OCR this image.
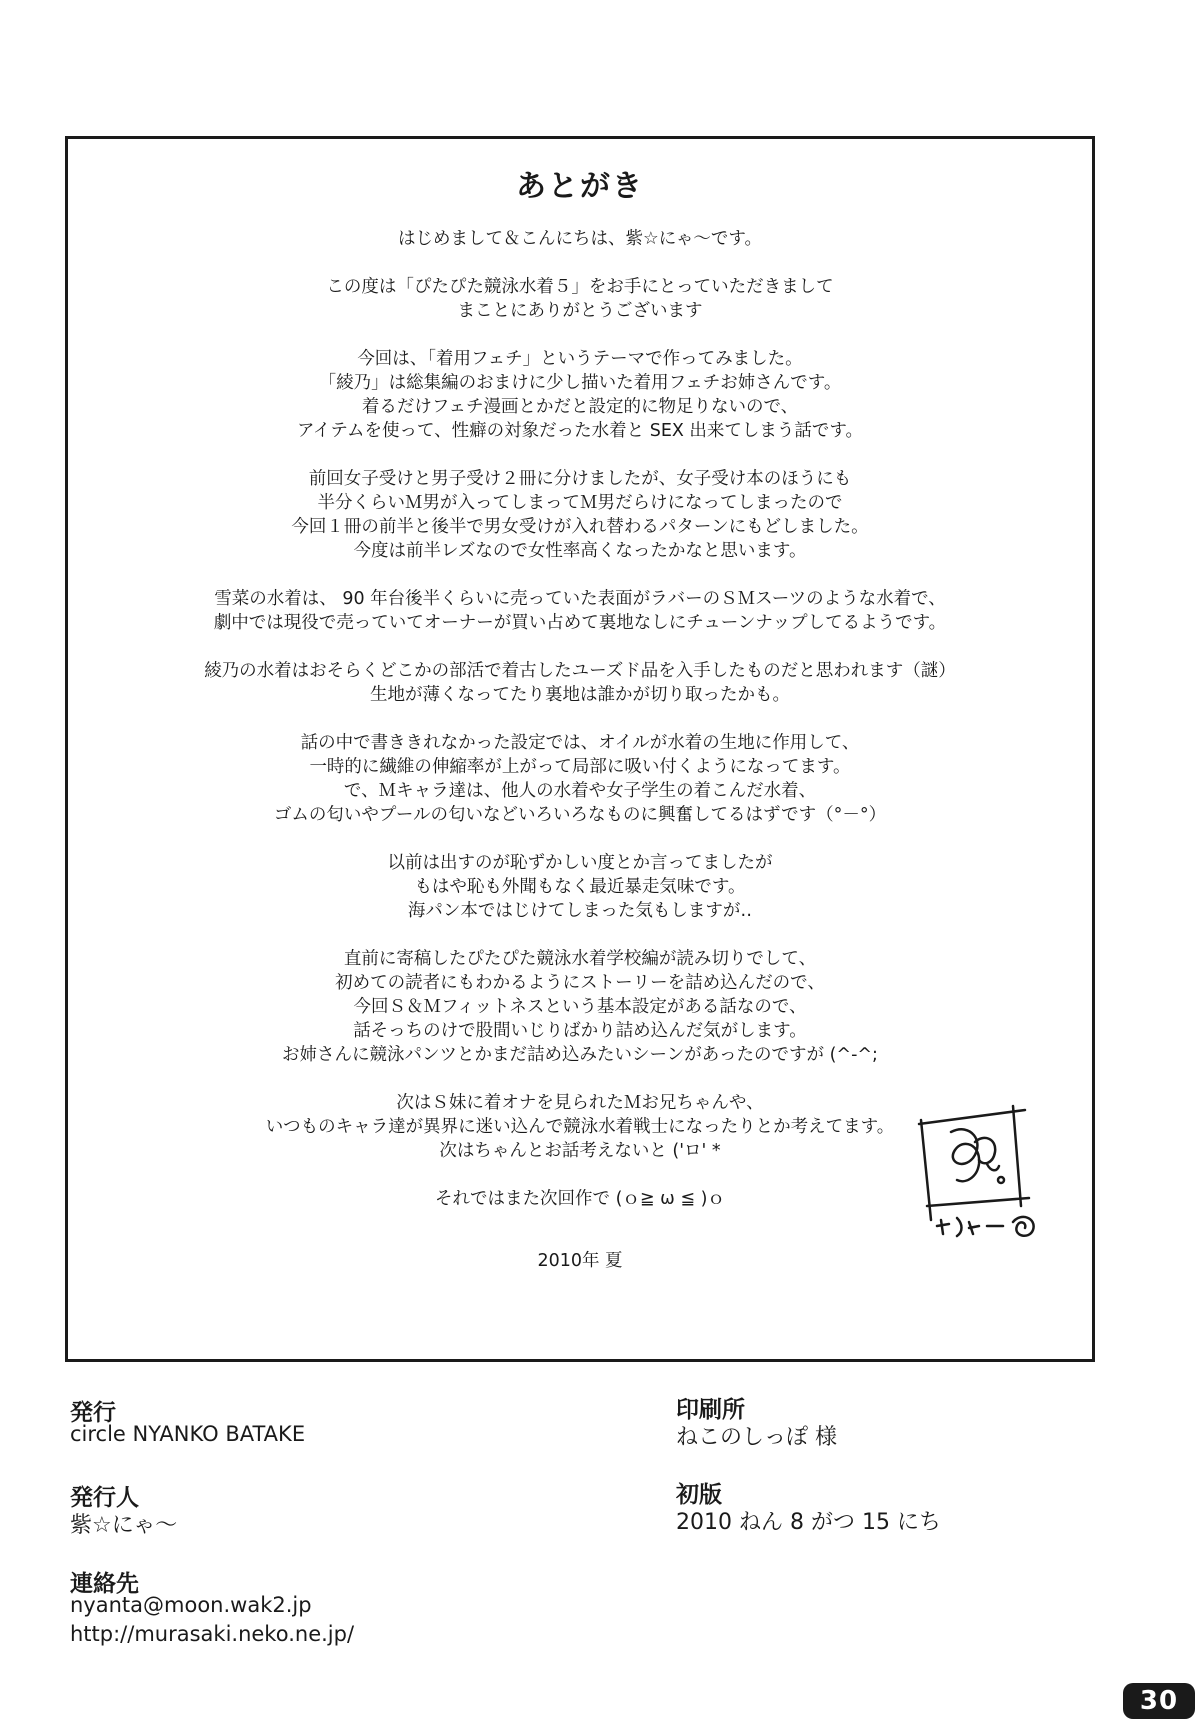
あとがき
はじめまして＆こんにちは、紫☆にゃ～です。
この度は「ぴたぴた競泳水着５」をお手にとっていただきまして
まことにありがとうございます
今回は、「着用フェチ」というテーマで作ってみました。
「綾乃」は総集編のおまけに少し描いた着用フェチお姉さんです。
着るだけフェチ漫画とかだと設定的に物足りないので、
アイテムを使って、性癖の対象だった水着と SEX 出来てしまう話です。
前回女子受けと男子受け２冊に分けましたが、女子受け本のほうにも
半分くらいＭ男が入ってしまってＭ男だらけになってしまったので
今回１冊の前半と後半で男女受けが入れ替わるパターンにもどしました。
今度は前半レズなので女性率高くなったかなと思います。
雪菜の水着は、 90 年台後半くらいに売っていた表面がラバーのＳＭスーツのような水着で、
劇中では現役で売っていてオーナーが買い占めて裏地なしにチューンナップしてるようです。
綾乃の水着はおそらくどこかの部活で着古したユーズド品を入手したものだと思われます（謎）
生地が薄くなってたり裏地は誰かが切り取ったかも。
話の中で書ききれなかった設定では、オイルが水着の生地に作用して、
一時的に繊維の伸縮率が上がって局部に吸い付くようになってます。
で、Ｍキャラ達は、他人の水着や女子学生の着こんだ水着、
ゴムの匂いやプールの匂いなどいろいろなものに興奮してるはずです（°－°）
以前は出すのが恥ずかしい度とか言ってましたが
もはや恥も外聞もなく最近暴走気味です。
海パン本ではじけてしまった気もしますが‥
直前に寄稿したぴたぴた競泳水着学校編が読み切りでして、
初めての読者にもわかるようにストーリーを詰め込んだので、
今回Ｓ＆Ｍフィットネスという基本設定がある話なので、
話そっちのけで股間いじりばかり詰め込んだ気がします。
お姉さんに競泳パンツとかまだ詰め込みたいシーンがあったのですが (^-^;
次はＳ妹に着オナを見られたＭお兄ちゃんや、
いつものキャラ達が異界に迷い込んで競泳水着戦士になったりとか考えてます。
次はちゃんとお話考えないと ('ロ' *
それではまた次回作で (ｏ≧ ω ≦ )ｏ
2010年 夏
発行
circle NYANKO BATAKE
発行人
紫☆にゃ～
連絡先
nyanta@moon.wak2.jp
http://murasaki.neko.ne.jp/
印刷所
ねこのしっぽ 様
初版
2010 ねん 8 がつ 15 にち
30
